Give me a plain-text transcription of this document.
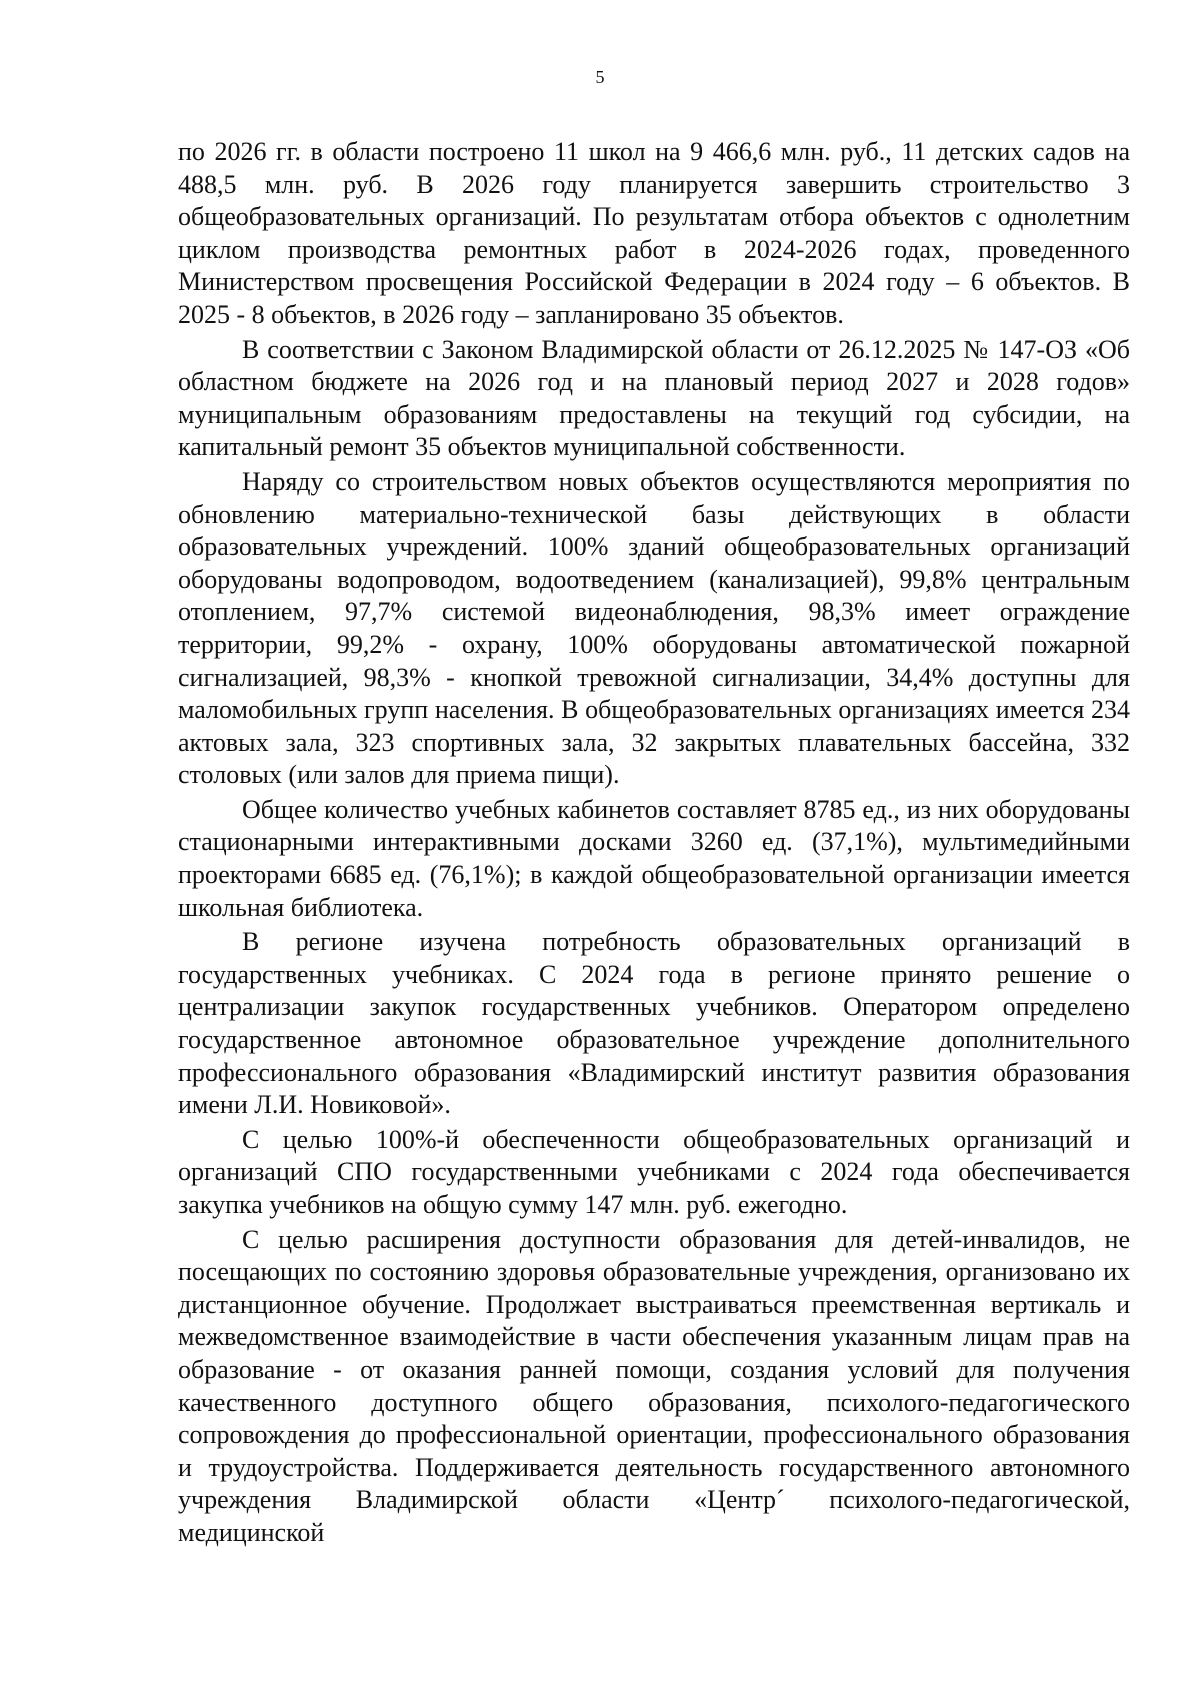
5

по 2026 гг. в области построено 11 школ на 9 466,6 млн. руб., 11 детских садов на 488,5 млн. руб. В 2026 году планируется завершить строительство 3 общеобразовательных организаций. По результатам отбора объектов с однолетним циклом производства ремонтных работ в 2024-2026 годах, проведенного Министерством просвещения Российской Федерации в 2024 году – 6 объектов. В 2025 - 8 объектов, в 2026 году – запланировано 35 объектов.

В соответствии с Законом Владимирской области от 26.12.2025 № 147-ОЗ «Об областном бюджете на 2026 год и на плановый период 2027 и 2028 годов» муниципальным образованиям предоставлены на текущий год субсидии, на капитальный ремонт 35 объектов муниципальной собственности.

Наряду со строительством новых объектов осуществляются мероприятия по обновлению материально-технической базы действующих в области образовательных учреждений. 100% зданий общеобразовательных организаций оборудованы водопроводом, водоотведением (канализацией), 99,8% центральным отоплением, 97,7% системой видеонаблюдения, 98,3% имеет ограждение территории, 99,2% - охрану, 100% оборудованы автоматической пожарной сигнализацией, 98,3% - кнопкой тревожной сигнализации, 34,4% доступны для маломобильных групп населения. В общеобразовательных организациях имеется 234 актовых зала, 323 спортивных зала, 32 закрытых плавательных бассейна, 332 столовых (или залов для приема пищи).

Общее количество учебных кабинетов составляет 8785 ед., из них оборудованы стационарными интерактивными досками 3260 ед. (37,1%), мультимедийными проекторами 6685 ед. (76,1%); в каждой общеобразовательной организации имеется школьная библиотека.

В регионе изучена потребность образовательных организаций в государственных учебниках. С 2024 года в регионе принято решение о централизации закупок государственных учебников. Оператором определено государственное автономное образовательное учреждение дополнительного профессионального образования «Владимирский институт развития образования имени Л.И. Новиковой».

С целью 100%-й обеспеченности общеобразовательных организаций и организаций СПО государственными учебниками с 2024 года обеспечивается закупка учебников на общую сумму 147 млн. руб. ежегодно.

С целью расширения доступности образования для детей-инвалидов, не посещающих по состоянию здоровья образовательные учреждения, организовано их дистанционное обучение. Продолжает выстраиваться преемственная вертикаль и межведомственное взаимодействие в части обеспечения указанным лицам прав на образование - от оказания ранней помощи, создания условий для получения качественного доступного общего образования, психолого-педагогического сопровождения до профессиональной ориентации, профессионального образования и трудоустройства. Поддерживается деятельность государственного автономного учреждения Владимирской области «Центр´ психолого-педагогической, медицинской
